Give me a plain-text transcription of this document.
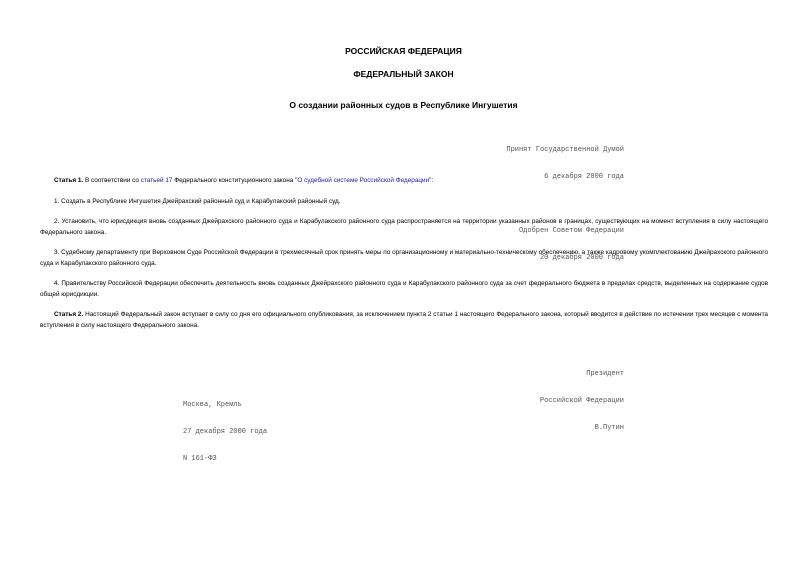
РОССИЙСКАЯ ФЕДЕРАЦИЯ
ФЕДЕРАЛЬНЫЙ ЗАКОН
О создании районных судов в Республике Ингушетия

Принят Государственной Думой

6 декабря 2000 года

Одобрен Советом Федерации

20 декабря 2000 года

Статья 1. В соответствии со статьей 17 Федерального конституционного закона "О судебной системе Российской Федерации":

1. Создать в Республике Ингушетия Джейрахский районный суд и Карабулакский районный суд.

2. Установить, что юрисдикция вновь созданных Джейрахского районного суда и Карабулакского районного суда распространяется на территории указанных районов в границах, существующих на момент вступления в силу настоящего Федерального закона.

3. Судебному департаменту при Верховном Суде Российской Федерации в трехмесячный срок принять меры по организационному и материально-техническому обеспечению, а также кадровому укомплектованию Джейрахского районного суда и Карабулакского районного суда.

4. Правительству Российской Федерации обеспечить деятельность вновь созданных Джейрахского районного суда и Карабулакского районного суда за счет федерального бюджета в пределах средств, выделенных на содержание судов общей юрисдикции.

Статья 2. Настоящий Федеральный закон вступает в силу со дня его официального опубликования, за исключением пункта 2 статьи 1 настоящего Федерального закона, который вводится в действие по истечении трех месяцев с момента вступления в силу настоящего Федерального закона.

Президент

Российской Федерации

В.Путин

Москва, Кремль

27 декабря 2000 года

N 161-ФЗ
